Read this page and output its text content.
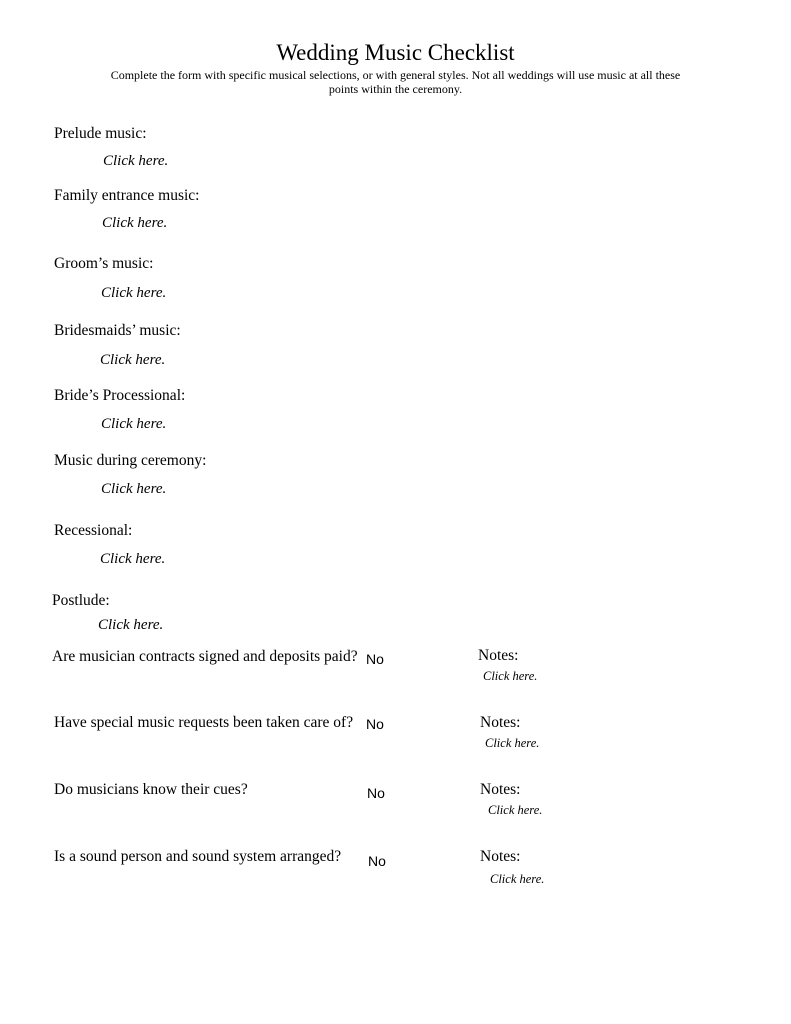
Wedding Music Checklist
Complete the form with specific musical selections, or with general styles. Not all weddings will use music at all these points within the ceremony.
Prelude music:
Click here.
Family entrance music:
Click here.
Groom’s music:
Click here.
Bridesmaids’ music:
Click here.
Bride’s Processional:
Click here.
Music during ceremony:
Click here.
Recessional:
Click here.
Postlude:
Click here.
Are musician contracts signed and deposits paid? No	Notes:
Click here.
Have special music requests been taken care of? No	Notes:
Click here.
Do musicians know their cues?	No	Notes:
Click here.
Is a sound person and sound system arranged? No	Notes:
Click here.
